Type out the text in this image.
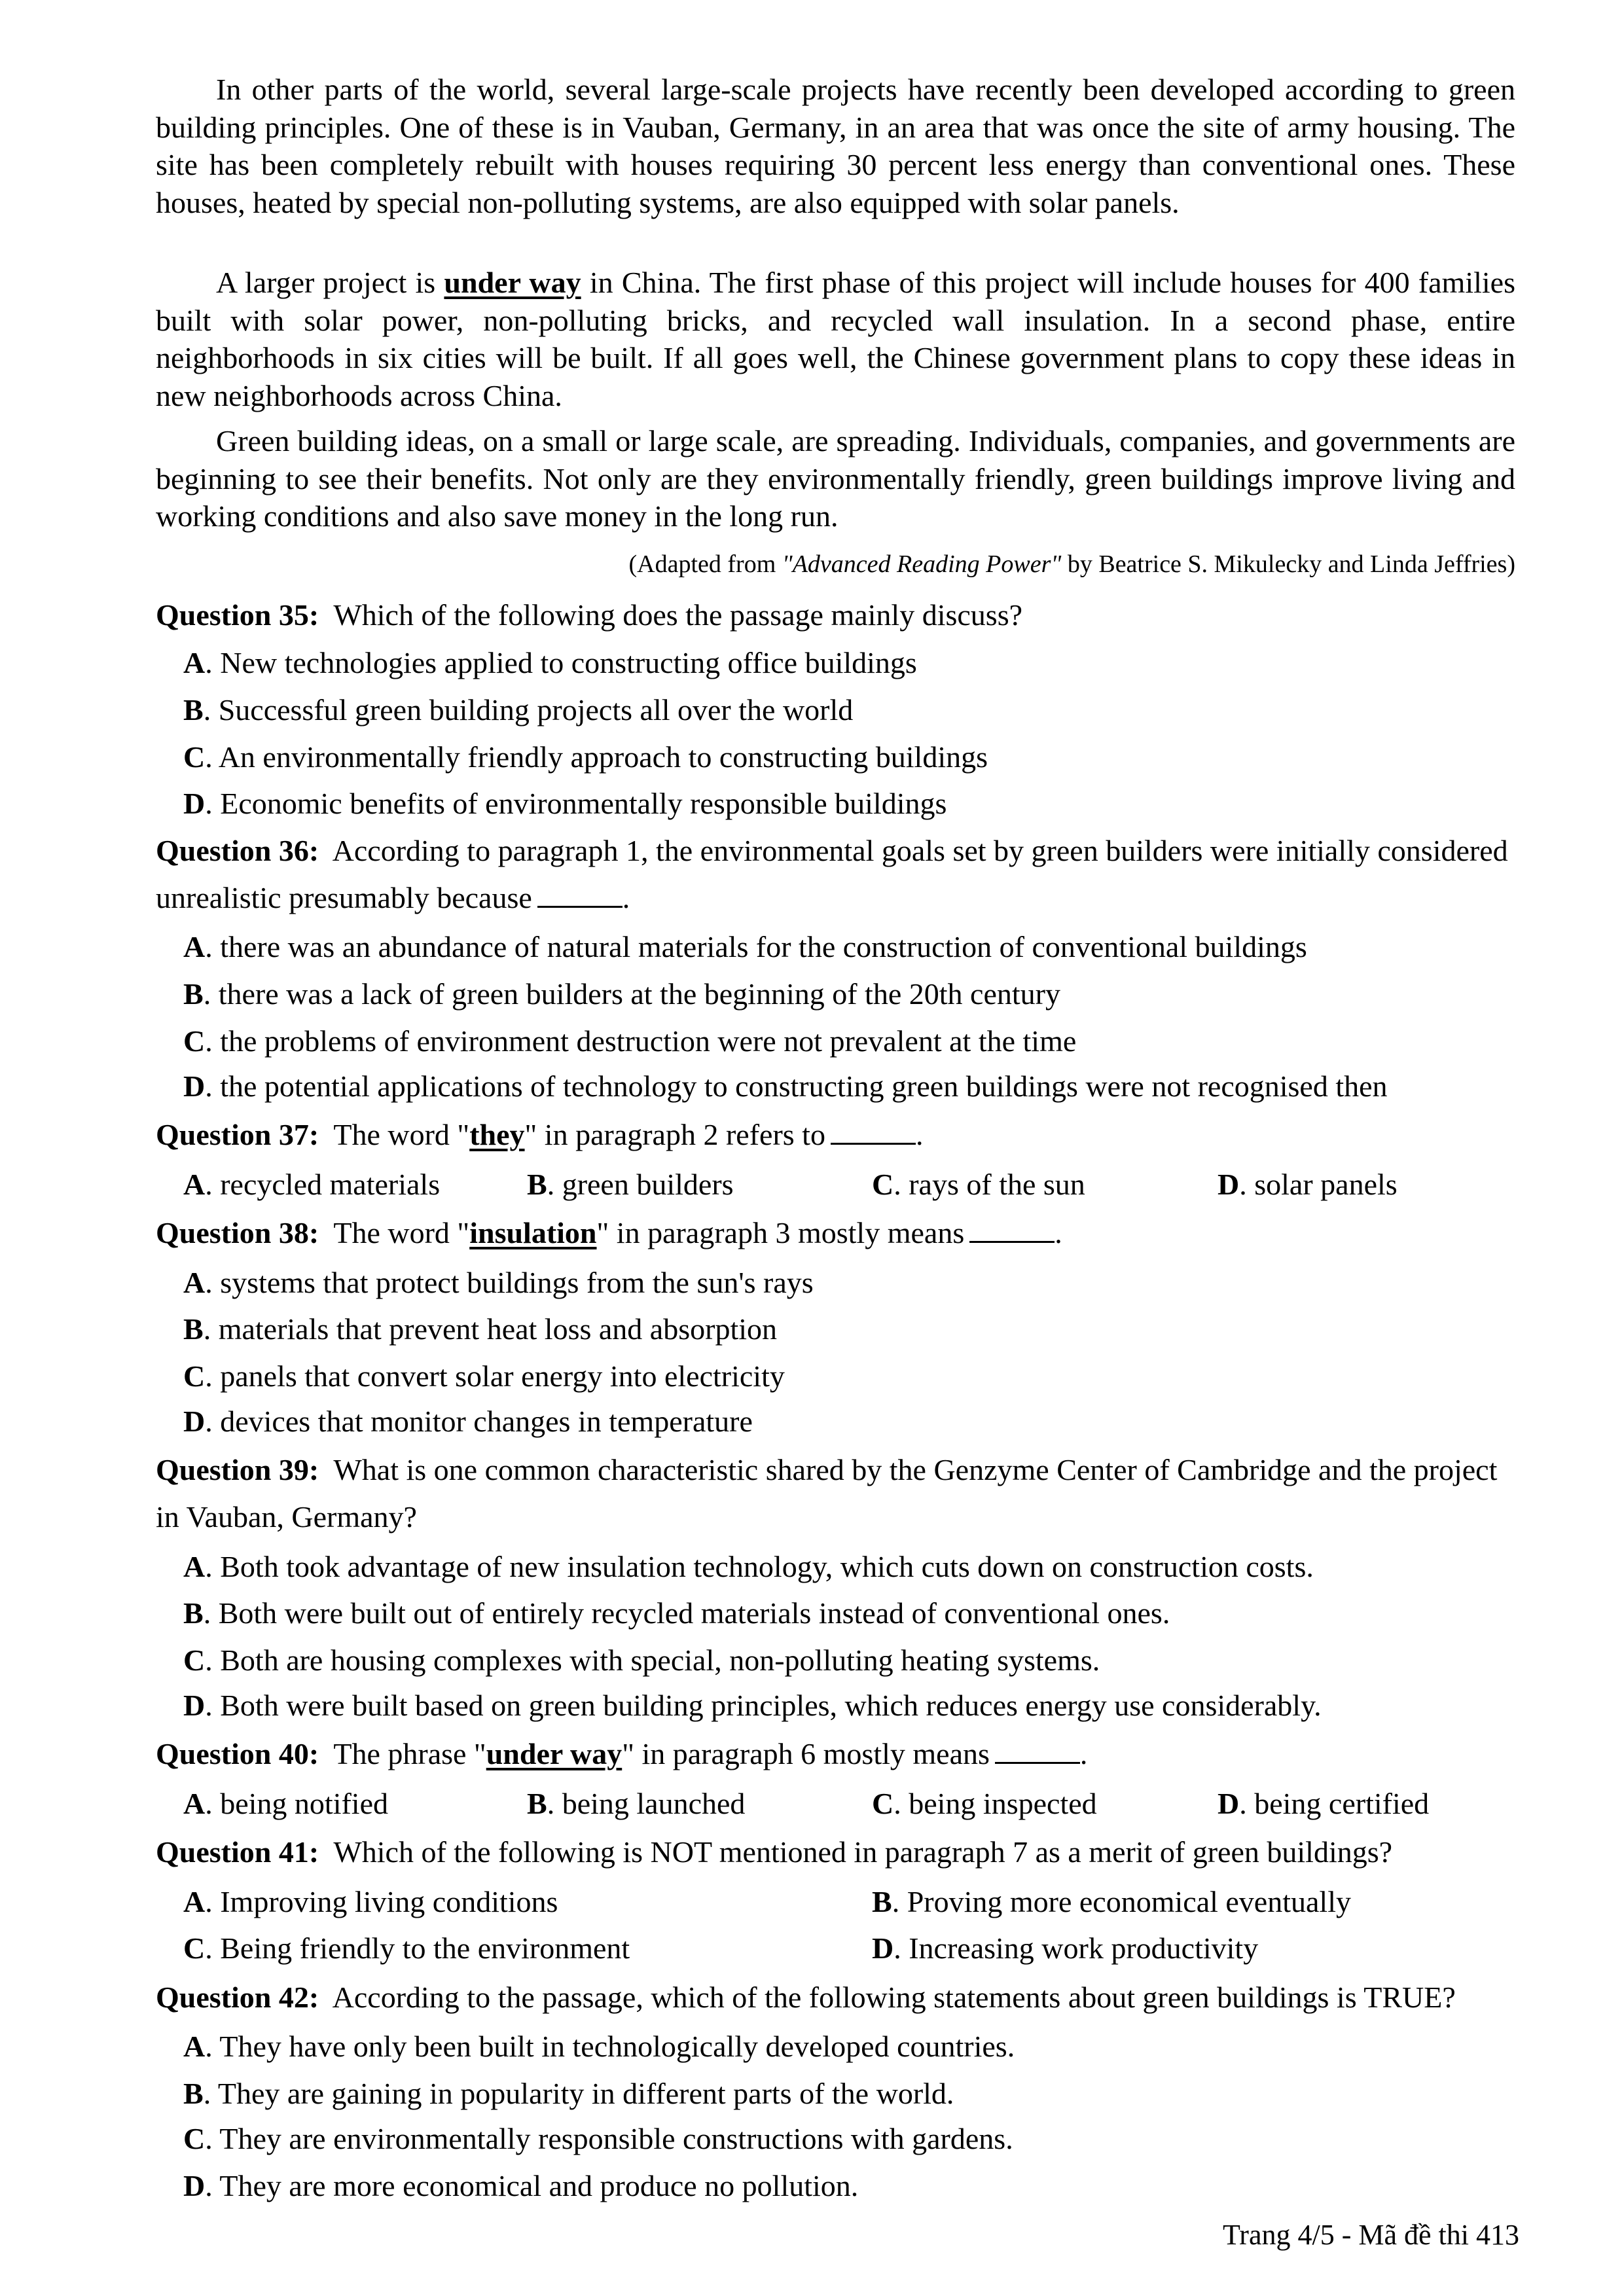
In other parts of the world, several large-scale projects have recently been developed according to green building principles. One of these is in Vauban, Germany, in an area that was once the site of army housing. The site has been completely rebuilt with houses requiring 30 percent less energy than conventional ones. These houses, heated by special non-polluting systems, are also equipped with solar panels.

A larger project is under way in China. The first phase of this project will include houses for 400 families built with solar power, non-polluting bricks, and recycled wall insulation. In a second phase, entire neighborhoods in six cities will be built. If all goes well, the Chinese government plans to copy these ideas in new neighborhoods across China.

Green building ideas, on a small or large scale, are spreading. Individuals, companies, and governments are beginning to see their benefits. Not only are they environmentally friendly, green buildings improve living and working conditions and also save money in the long run.

(Adapted from "Advanced Reading Power" by Beatrice S. Mikulecky and Linda Jeffries)
Question 35: Which of the following does the passage mainly discuss?
A. New technologies applied to constructing office buildings
B. Successful green building projects all over the world
C. An environmentally friendly approach to constructing buildings
D. Economic benefits of environmentally responsible buildings
Question 36: According to paragraph 1, the environmental goals set by green builders were initially considered unrealistic presumably because	.
A. there was an abundance of natural materials for the construction of conventional buildings
B. there was a lack of green builders at the beginning of the 20th century
C. the problems of environment destruction were not prevalent at the time
D. the potential applications of technology to constructing green buildings were not recognised then
Question 37: The word "they" in paragraph 2 refers to	.
A. recycled materials	B. green builders	C. rays of the sun	D. solar panels
Question 38: The word "insulation" in paragraph 3 mostly means	.
A. systems that protect buildings from the sun's rays
B. materials that prevent heat loss and absorption
C. panels that convert solar energy into electricity
D. devices that monitor changes in temperature
Question 39: What is one common characteristic shared by the Genzyme Center of Cambridge and the project in Vauban, Germany?
A. Both took advantage of new insulation technology, which cuts down on construction costs.
B. Both were built out of entirely recycled materials instead of conventional ones.
C. Both are housing complexes with special, non-polluting heating systems.
D. Both were built based on green building principles, which reduces energy use considerably.
Question 40: The phrase "under way" in paragraph 6 mostly means	.
A. being notified	B. being launched	C. being inspected	D. being certified
Question 41: Which of the following is NOT mentioned in paragraph 7 as a merit of green buildings?
A. Improving living conditions	B. Proving more economical eventually
C. Being friendly to the environment	D. Increasing work productivity
Question 42: According to the passage, which of the following statements about green buildings is TRUE?
A. They have only been built in technologically developed countries.
B. They are gaining in popularity in different parts of the world.
C. They are environmentally responsible constructions with gardens.
D. They are more economical and produce no pollution.
Trang 4/5 - Mã đề thi 413
